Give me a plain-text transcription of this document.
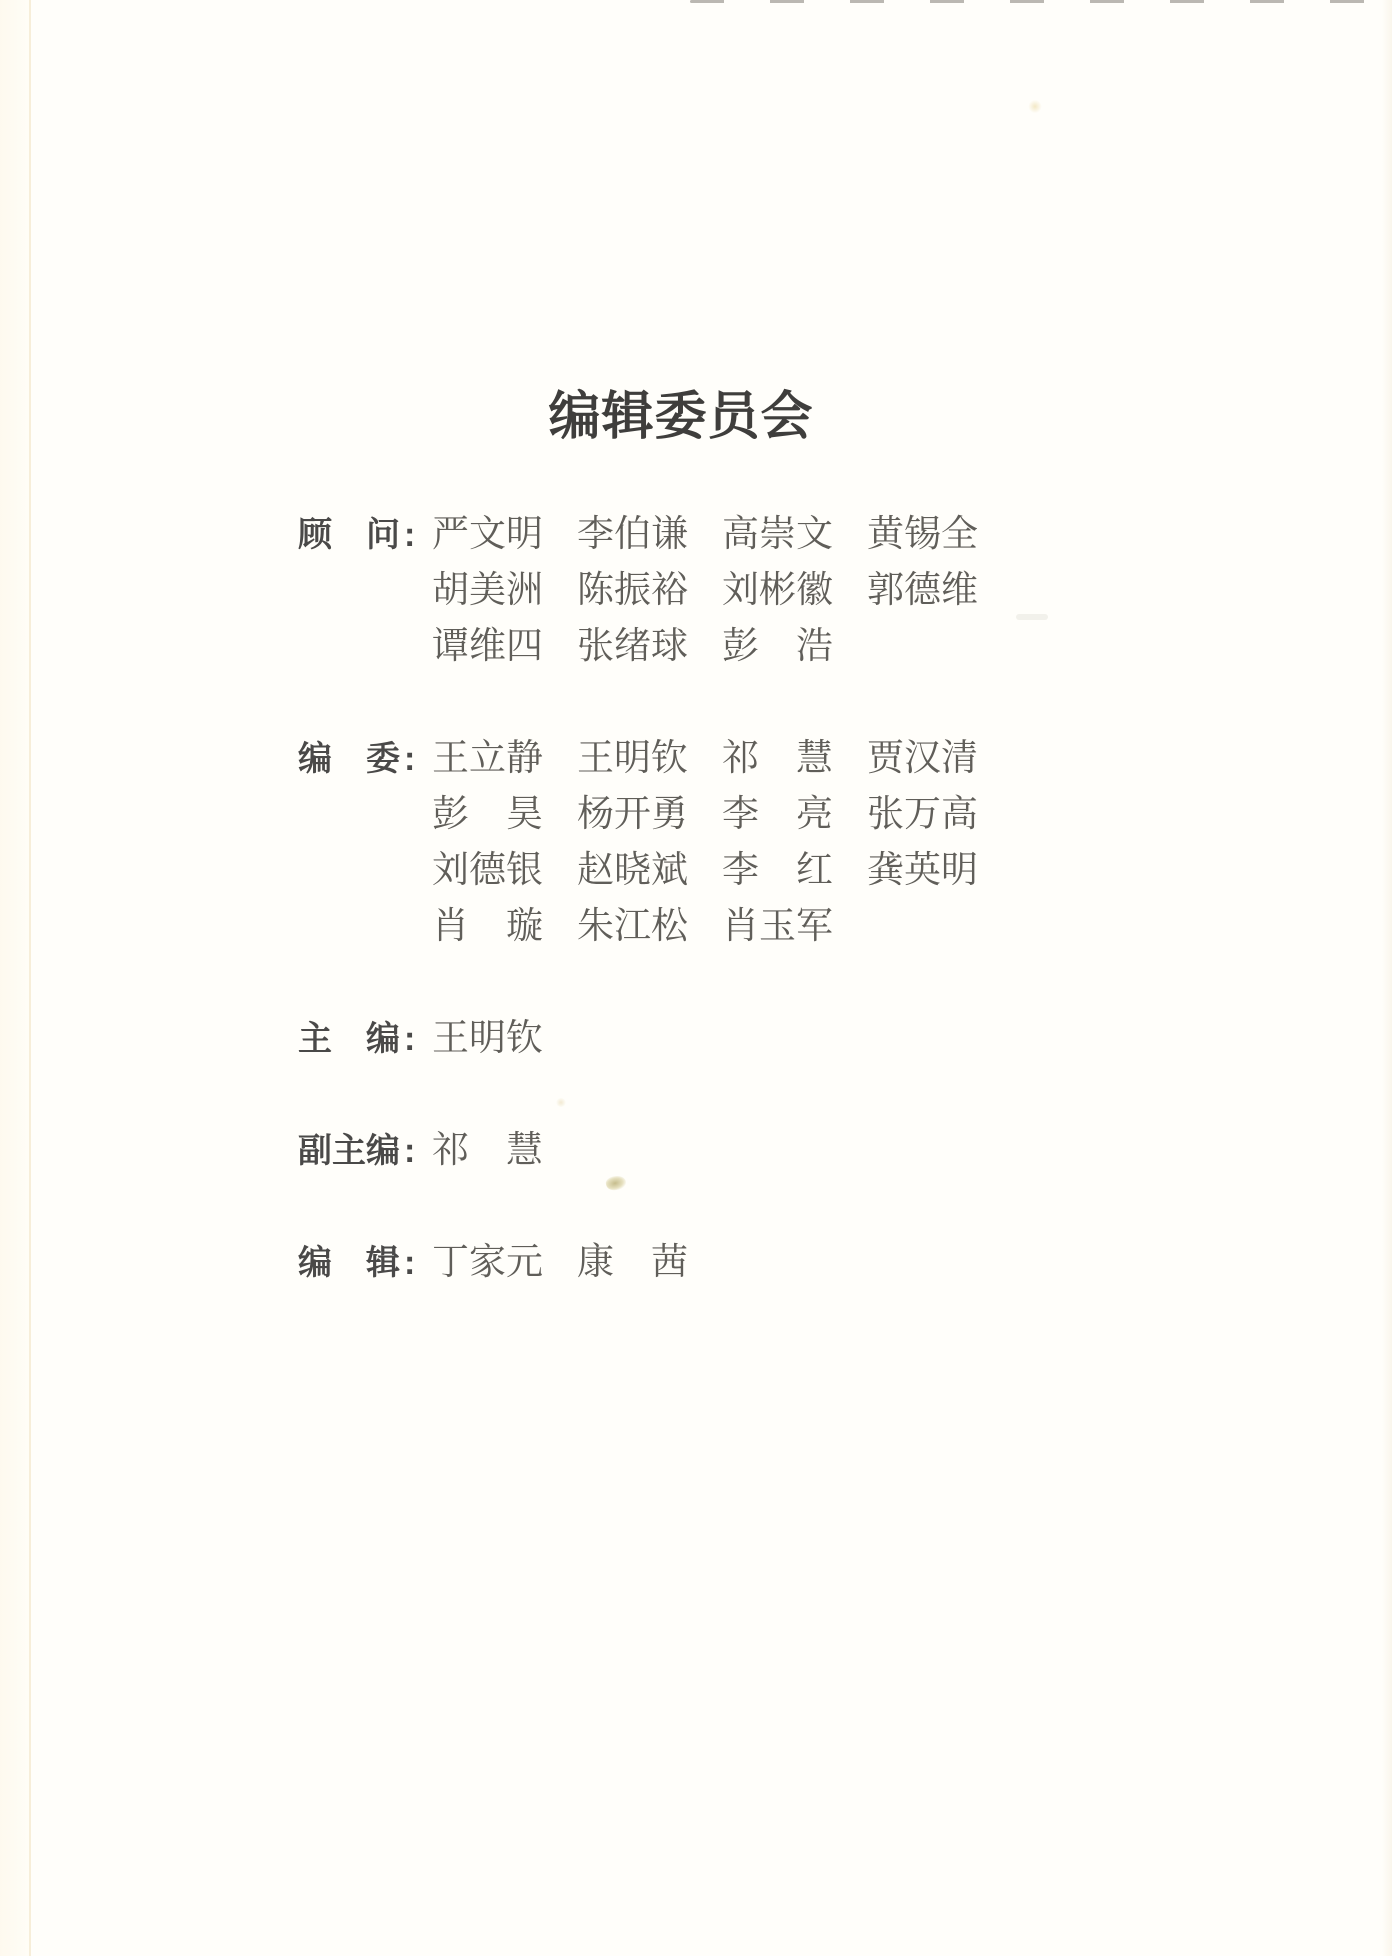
编辑委员会
顾 问 : 严文明 李伯谦 高崇文 黄锡全
胡美洲 陈振裕 刘彬徽 郭德维
谭维四 张绪球 彭 浩
编 委 : 王立静 王明钦 祁 慧 贾汉清
彭 昊 杨开勇 李 亮 张万高
刘德银 赵晓斌 李 红 龚英明
肖 璇 朱江松 肖玉军
主 编 : 王明钦
副主编 : 祁 慧
编 辑 : 丁家元 康 茜
